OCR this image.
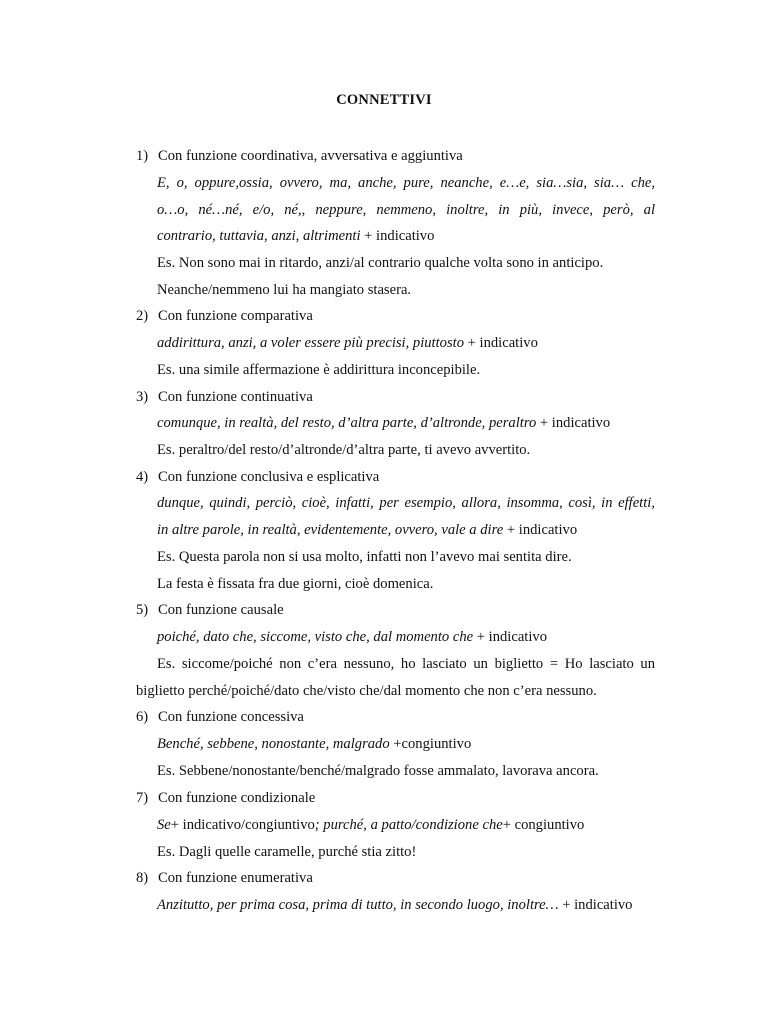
CONNETTIVI
1) Con funzione coordinativa, avversativa e aggiuntiva
E, o, oppure,ossia, ovvero, ma, anche, pure, neanche, e…e, sia…sia, sia… che,
o…o, né…né, e/o, né,, neppure, nemmeno, inoltre, in più, invece, però, al
contrario, tuttavia, anzi, altrimenti + indicativo
Es. Non sono mai in ritardo, anzi/al contrario qualche volta sono in anticipo.
Neanche/nemmeno lui ha mangiato stasera.
2) Con funzione comparativa
addirittura, anzi, a voler essere più precisi, piuttosto + indicativo
Es. una simile affermazione è addirittura inconcepibile.
3) Con funzione continuativa
comunque, in realtà, del resto, d’altra parte, d’altronde, peraltro + indicativo
Es. peraltro/del resto/d’altronde/d’altra parte, ti avevo avvertito.
4) Con funzione conclusiva e esplicativa
dunque, quindi, perciò, cioè, infatti, per esempio, allora, insomma, così, in effetti,
in altre parole, in realtà, evidentemente, ovvero, vale a dire + indicativo
Es. Questa parola non si usa molto, infatti non l’avevo mai sentita dire.
La festa è fissata fra due giorni, cioè domenica.
5) Con funzione causale
poiché, dato che, siccome, visto che, dal momento che + indicativo
Es. siccome/poiché non c’era nessuno, ho lasciato un biglietto = Ho lasciato un
biglietto perché/poiché/dato che/visto che/dal momento che non c’era nessuno.
6) Con funzione concessiva
Benché, sebbene, nonostante, malgrado +congiuntivo
Es. Sebbene/nonostante/benché/malgrado fosse ammalato, lavorava ancora.
7) Con funzione condizionale
Se+ indicativo/congiuntivo; purché, a patto/condizione che+ congiuntivo
Es. Dagli quelle caramelle, purché stia zitto!
8) Con funzione enumerativa
Anzitutto, per prima cosa, prima di tutto, in secondo luogo, inoltre… + indicativo
